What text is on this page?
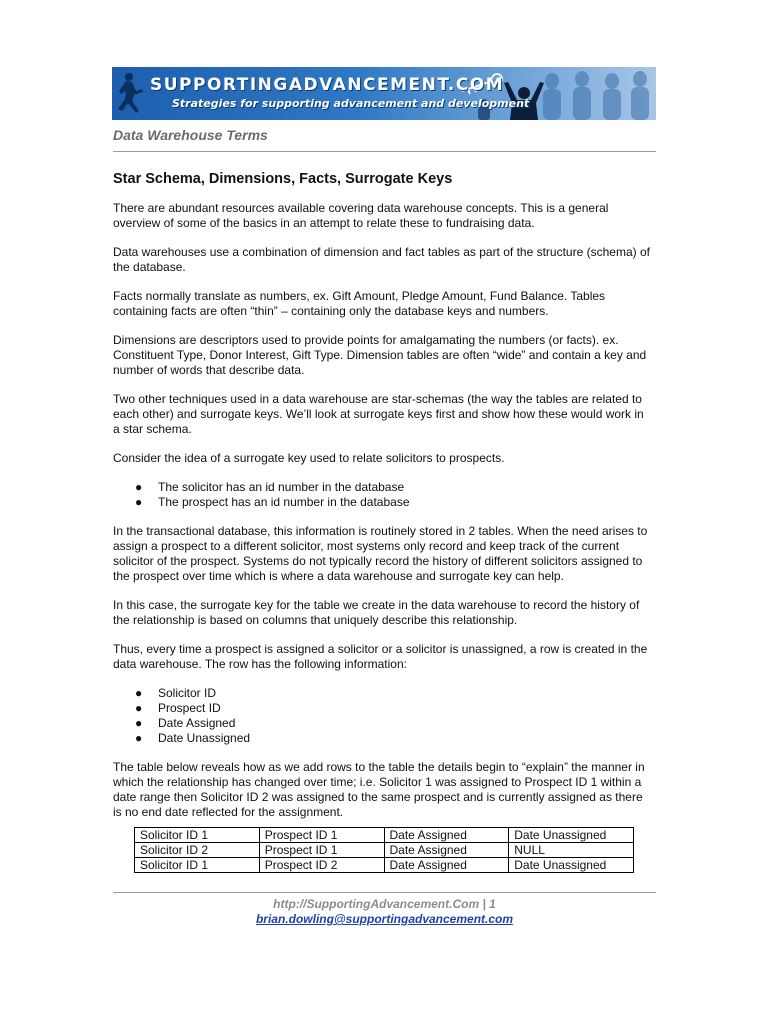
SUPPORTINGADVANCEMENT.COM
Strategies for supporting advancement and development
Data Warehouse Terms
Star Schema, Dimensions, Facts, Surrogate Keys

There are abundant resources available covering data warehouse concepts. This is a general overview of some of the basics in an attempt to relate these to fundraising data.

Data warehouses use a combination of dimension and fact tables as part of the structure (schema) of the database.

Facts normally translate as numbers, ex. Gift Amount, Pledge Amount, Fund Balance. Tables containing facts are often “thin” – containing only the database keys and numbers.

Dimensions are descriptors used to provide points for amalgamating the numbers (or facts). ex. Constituent Type, Donor Interest, Gift Type. Dimension tables are often “wide” and contain a key and number of words that describe data.

Two other techniques used in a data warehouse are star-schemas (the way the tables are related to each other) and surrogate keys. We’ll look at surrogate keys first and show how these would work in a star schema.

Consider the idea of a surrogate key used to relate solicitors to prospects.

● The solicitor has an id number in the database
● The prospect has an id number in the database

In the transactional database, this information is routinely stored in 2 tables. When the need arises to assign a prospect to a different solicitor, most systems only record and keep track of the current solicitor of the prospect. Systems do not typically record the history of different solicitors assigned to the prospect over time which is where a data warehouse and surrogate key can help.

In this case, the surrogate key for the table we create in the data warehouse to record the history of the relationship is based on columns that uniquely describe this relationship.

Thus, every time a prospect is assigned a solicitor or a solicitor is unassigned, a row is created in the data warehouse. The row has the following information:

● Solicitor ID
● Prospect ID
● Date Assigned
● Date Unassigned

The table below reveals how as we add rows to the table the details begin to “explain” the manner in which the relationship has changed over time; i.e. Solicitor 1 was assigned to Prospect ID 1 within a date range then Solicitor ID 2 was assigned to the same prospect and is currently assigned as there is no end date reflected for the assignment.

Solicitor ID 1	Prospect ID 1	Date Assigned	Date Unassigned
Solicitor ID 2	Prospect ID 1	Date Assigned	NULL
Solicitor ID 1	Prospect ID 2	Date Assigned	Date Unassigned
http://SupportingAdvancement.Com | 1
brian.dowling@supportingadvancement.com
